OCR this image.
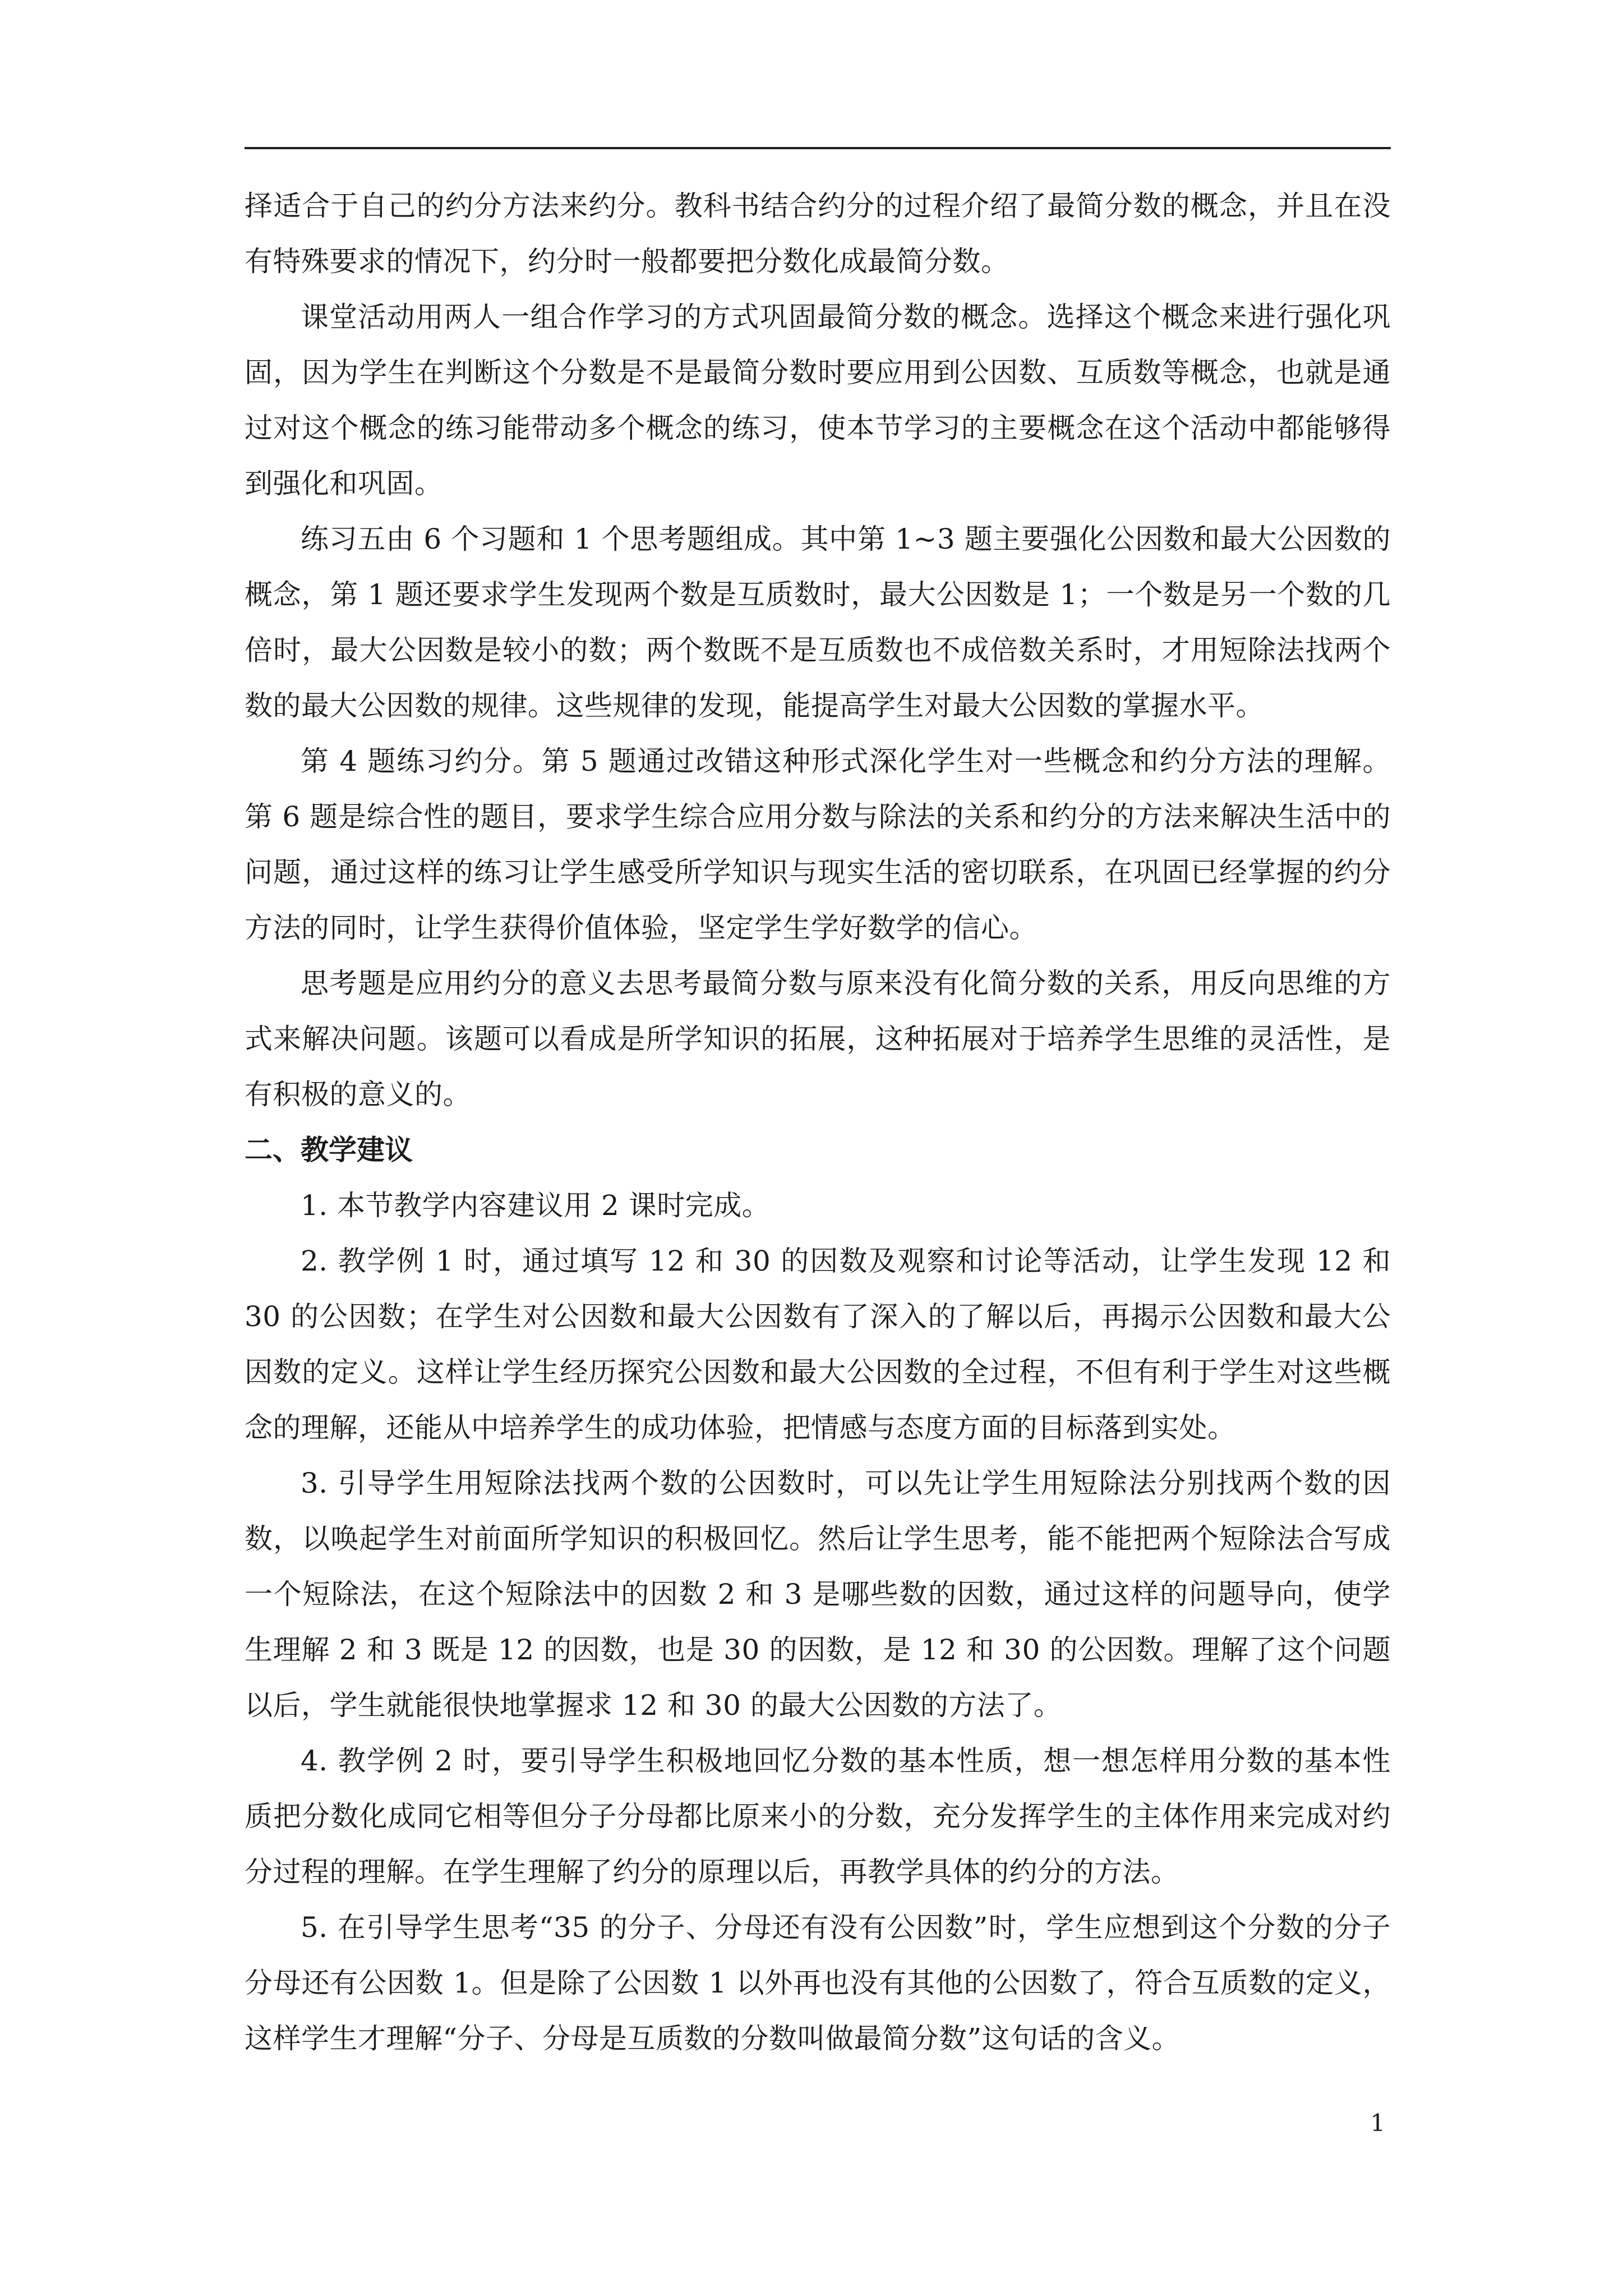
择适合于自己的约分方法来约分。教科书结合约分的过程介绍了最简分数的概念，并且在没有特殊要求的情况下，约分时一般都要把分数化成最简分数。

课堂活动用两人一组合作学习的方式巩固最简分数的概念。选择这个概念来进行强化巩固，因为学生在判断这个分数是不是最简分数时要应用到公因数、互质数等概念，也就是通过对这个概念的练习能带动多个概念的练习，使本节学习的主要概念在这个活动中都能够得到强化和巩固。

练习五由 6 个习题和 1 个思考题组成。其中第 1~3 题主要强化公因数和最大公因数的概念，第 1 题还要求学生发现两个数是互质数时，最大公因数是 1；一个数是另一个数的几倍时，最大公因数是较小的数；两个数既不是互质数也不成倍数关系时，才用短除法找两个数的最大公因数的规律。这些规律的发现，能提高学生对最大公因数的掌握水平。

第 4 题练习约分。第 5 题通过改错这种形式深化学生对一些概念和约分方法的理解。第 6 题是综合性的题目，要求学生综合应用分数与除法的关系和约分的方法来解决生活中的问题，通过这样的练习让学生感受所学知识与现实生活的密切联系，在巩固已经掌握的约分方法的同时，让学生获得价值体验，坚定学生学好数学的信心。

思考题是应用约分的意义去思考最简分数与原来没有化简分数的关系，用反向思维的方式来解决问题。该题可以看成是所学知识的拓展，这种拓展对于培养学生思维的灵活性，是有积极的意义的。

二、教学建议

1. 本节教学内容建议用 2 课时完成。

2. 教学例 1 时，通过填写 12 和 30 的因数及观察和讨论等活动，让学生发现 12 和 30 的公因数；在学生对公因数和最大公因数有了深入的了解以后，再揭示公因数和最大公因数的定义。这样让学生经历探究公因数和最大公因数的全过程，不但有利于学生对这些概念的理解，还能从中培养学生的成功体验，把情感与态度方面的目标落到实处。

3. 引导学生用短除法找两个数的公因数时，可以先让学生用短除法分别找两个数的因数，以唤起学生对前面所学知识的积极回忆。然后让学生思考，能不能把两个短除法合写成一个短除法，在这个短除法中的因数 2 和 3 是哪些数的因数，通过这样的问题导向，使学生理解 2 和 3 既是 12 的因数，也是 30 的因数，是 12 和 30 的公因数。理解了这个问题以后，学生就能很快地掌握求 12 和 30 的最大公因数的方法了。

4. 教学例 2 时，要引导学生积极地回忆分数的基本性质，想一想怎样用分数的基本性质把分数化成同它相等但分子分母都比原来小的分数，充分发挥学生的主体作用来完成对约分过程的理解。在学生理解了约分的原理以后，再教学具体的约分的方法。

5. 在引导学生思考“35 的分子、分母还有没有公因数”时，学生应想到这个分数的分子分母还有公因数 1。但是除了公因数 1 以外再也没有其他的公因数了，符合互质数的定义，这样学生才理解“分子、分母是互质数的分数叫做最简分数”这句话的含义。

1
